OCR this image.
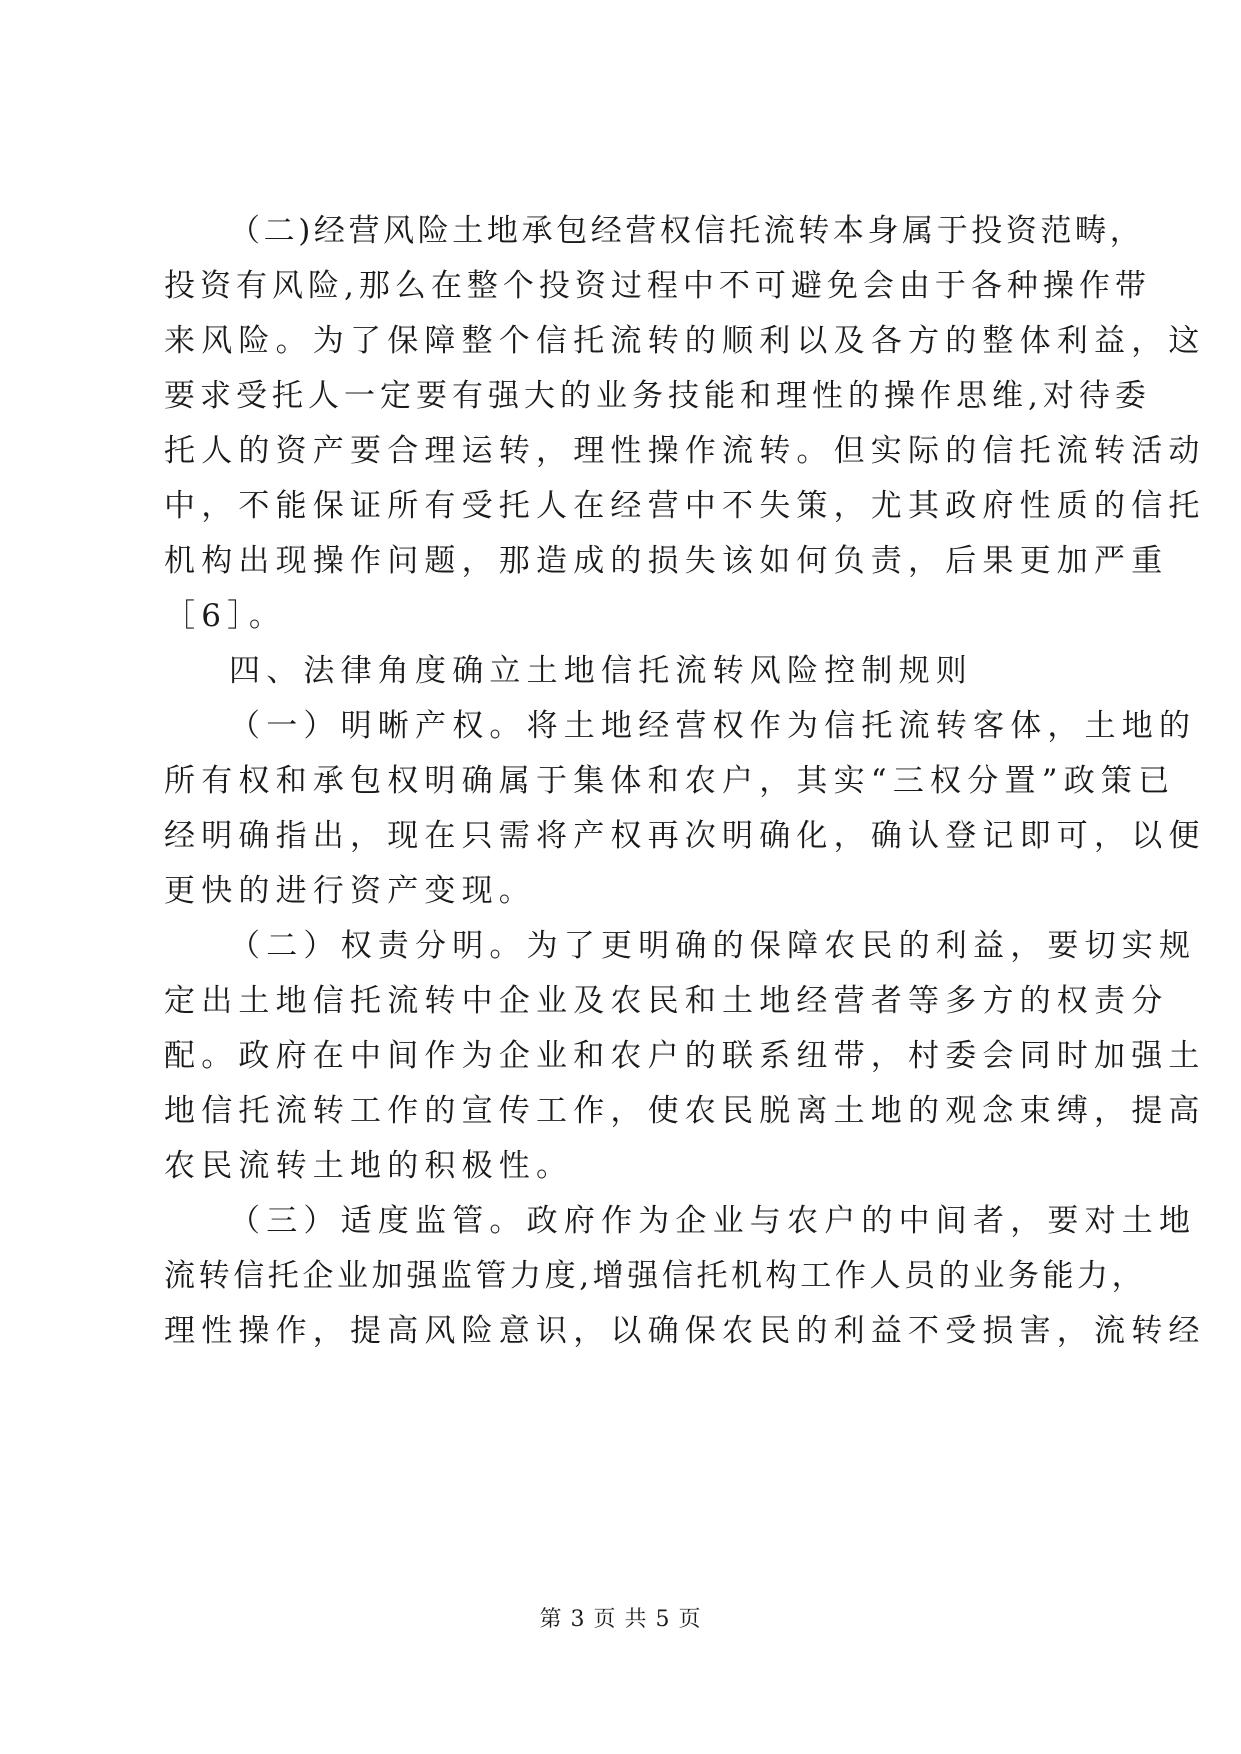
（二)经营风险土地承包经营权信托流转本身属于投资范畴，
投资有风险,那么在整个投资过程中不可避免会由于各种操作带
来风险。为了保障整个信托流转的顺利以及各方的整体利益，这
要求受托人一定要有强大的业务技能和理性的操作思维,对待委
托人的资产要合理运转，理性操作流转。但实际的信托流转活动
中，不能保证所有受托人在经营中不失策，尤其政府性质的信托
机构出现操作问题，那造成的损失该如何负责，后果更加严重
［6］。
四、法律角度确立土地信托流转风险控制规则
（一）明晰产权。将土地经营权作为信托流转客体，土地的
所有权和承包权明确属于集体和农户，其实“三权分置”政策已
经明确指出，现在只需将产权再次明确化，确认登记即可，以便
更快的进行资产变现。
（二）权责分明。为了更明确的保障农民的利益，要切实规
定出土地信托流转中企业及农民和土地经营者等多方的权责分
配。政府在中间作为企业和农户的联系纽带，村委会同时加强土
地信托流转工作的宣传工作，使农民脱离土地的观念束缚，提高
农民流转土地的积极性。
（三）适度监管。政府作为企业与农户的中间者，要对土地
流转信托企业加强监管力度,增强信托机构工作人员的业务能力，
理性操作，提高风险意识，以确保农民的利益不受损害，流转经
第 3 页 共 5 页
